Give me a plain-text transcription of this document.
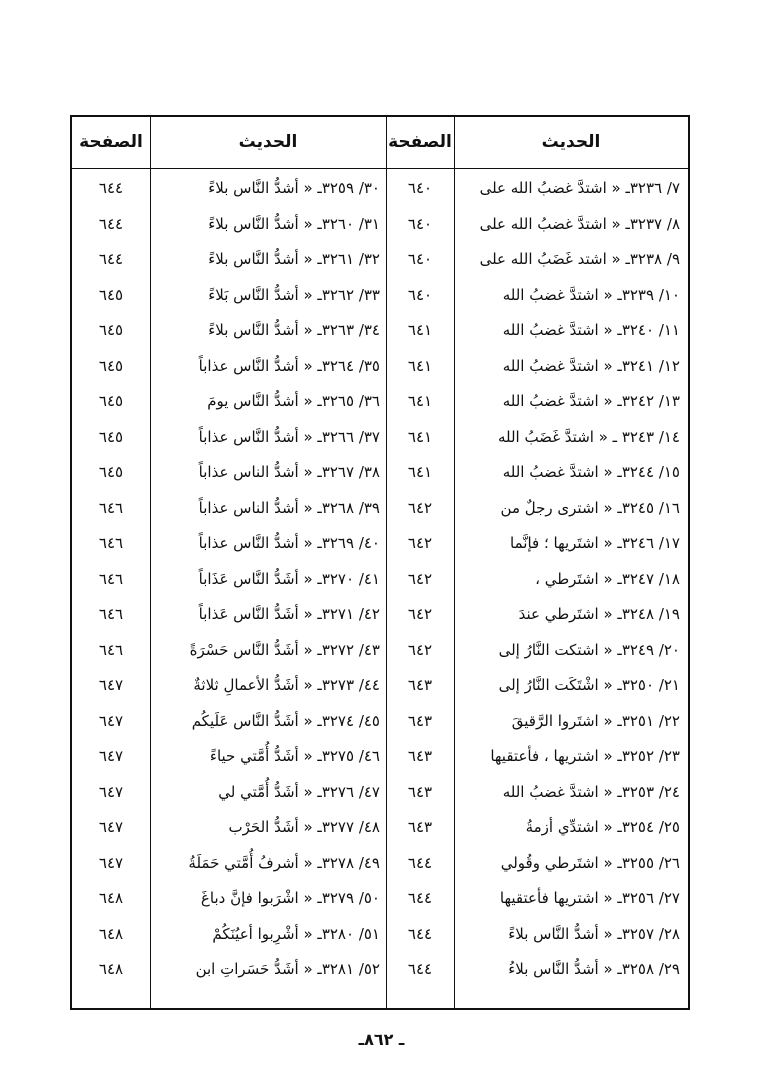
الحديث
الصفحة
الحديث
الصفحة
٧/ ٣٢٣٦ـ « اشتدَّ غضبُ الله على
٦٤٠
٨/ ٣٢٣٧ـ « اشتدَّ غضبُ الله على
٦٤٠
٩/ ٣٢٣٨ـ « اشتد غَضَبُ الله على
٦٤٠
١٠/ ٣٢٣٩ـ « اشتدَّ غضبُ الله
٦٤٠
١١/ ٣٢٤٠ـ « اشتدَّ غضبُ الله
٦٤١
١٢/ ٣٢٤١ـ « اشتدَّ غضبُ الله
٦٤١
١٣/ ٣٢٤٢ـ « اشتدَّ غضبُ الله
٦٤١
١٤/ ٣٢٤٣ ـ « اشتدَّ غَضَبُ الله
٦٤١
١٥/ ٣٢٤٤ـ « اشتدَّ غضبُ الله
٦٤١
١٦/ ٣٢٤٥ـ « اشترى رجلٌ من
٦٤٢
١٧/ ٣٢٤٦ـ « اشتَريها ؛ فإنَّما
٦٤٢
١٨/ ٣٢٤٧ـ « اشتَرطي ،
٦٤٢
١٩/ ٣٢٤٨ـ « اشتَرطي عندَ
٦٤٢
٢٠/ ٣٢٤٩ـ « اشتكت النَّارُ إلى
٦٤٢
٢١/ ٣٢٥٠ـ « اشْتَكَت النَّارُ إلى
٦٤٣
٢٢/ ٣٢٥١ـ « اشتَروا الرَّقيقَ
٦٤٣
٢٣/ ٣٢٥٢ـ « اشتريها ، فأعتقيها
٦٤٣
٢٤/ ٣٢٥٣ـ « اشتدَّ غضبُ الله
٦٤٣
٢٥/ ٣٢٥٤ـ « اشتدِّي أزمةُ
٦٤٣
٢٦/ ٣٢٥٥ـ « اشتَرطي وقُولي
٦٤٤
٢٧/ ٣٢٥٦ـ « اشتريها فأعتقيها
٦٤٤
٢٨/ ٣٢٥٧ـ « أشدُّ النَّاس بلاءً
٦٤٤
٢٩/ ٣٢٥٨ـ « أشدُّ النَّاس بلاءُ
٦٤٤
٣٠/ ٣٢٥٩ـ « أشدُّ النَّاس بلاءً
٦٤٤
٣١/ ٣٢٦٠ـ « أشدُّ النَّاس بلاءً
٦٤٤
٣٢/ ٣٢٦١ـ « أشدُّ النَّاس بلاءً
٦٤٤
٣٣/ ٣٢٦٢ـ « أشدُّ النَّاس بَلاءً
٦٤٥
٣٤/ ٣٢٦٣ـ « أشدُّ النَّاس بلاءً
٦٤٥
٣٥/ ٣٢٦٤ـ « أشدُّ النَّاس عذاباً
٦٤٥
٣٦/ ٣٢٦٥ـ « أشدُّ النَّاس يومَ
٦٤٥
٣٧/ ٣٢٦٦ـ « أشدُّ النَّاس عذاباً
٦٤٥
٣٨/ ٣٢٦٧ـ « أشدُّ الناس عذاباً
٦٤٥
٣٩/ ٣٢٦٨ـ « أشدُّ الناس عذاباً
٦٤٦
٤٠/ ٣٢٦٩ـ « أشدُّ النَّاس عذاباً
٦٤٦
٤١/ ٣٢٧٠ـ « أشَدُّ النَّاس عَذَاباً
٦٤٦
٤٢/ ٣٢٧١ـ « أشَدُّ النَّاس عَذاباً
٦٤٦
٤٣/ ٣٢٧٢ـ « أشَدُّ النَّاس حَسْرَةً
٦٤٦
٤٤/ ٣٢٧٣ـ « أشَدُّ الأعمالِ ثلاثةٌ
٦٤٧
٤٥/ ٣٢٧٤ـ « أشَدُّ النَّاس عَلَيكُم
٦٤٧
٤٦/ ٣٢٧٥ـ « أشَدُّ أُمَّتي حياءً
٦٤٧
٤٧/ ٣٢٧٦ـ « أشَدُّ أُمَّتي لي
٦٤٧
٤٨/ ٣٢٧٧ـ « أشَدُّ الحَرْب
٦٤٧
٤٩/ ٣٢٧٨ـ « أشرفُ أُمَّتي حَمَلَةُ
٦٤٧
٥٠/ ٣٢٧٩ـ « اشْرَبوا فإنَّ دباغَ
٦٤٨
٥١/ ٣٢٨٠ـ « أشْرِبوا أعيُنَكُمْ
٦٤٨
٥٢/ ٣٢٨١ـ « أشَدُّ حَسَراتِ ابن
٦٤٨
ـ ٨٦٢ـ
